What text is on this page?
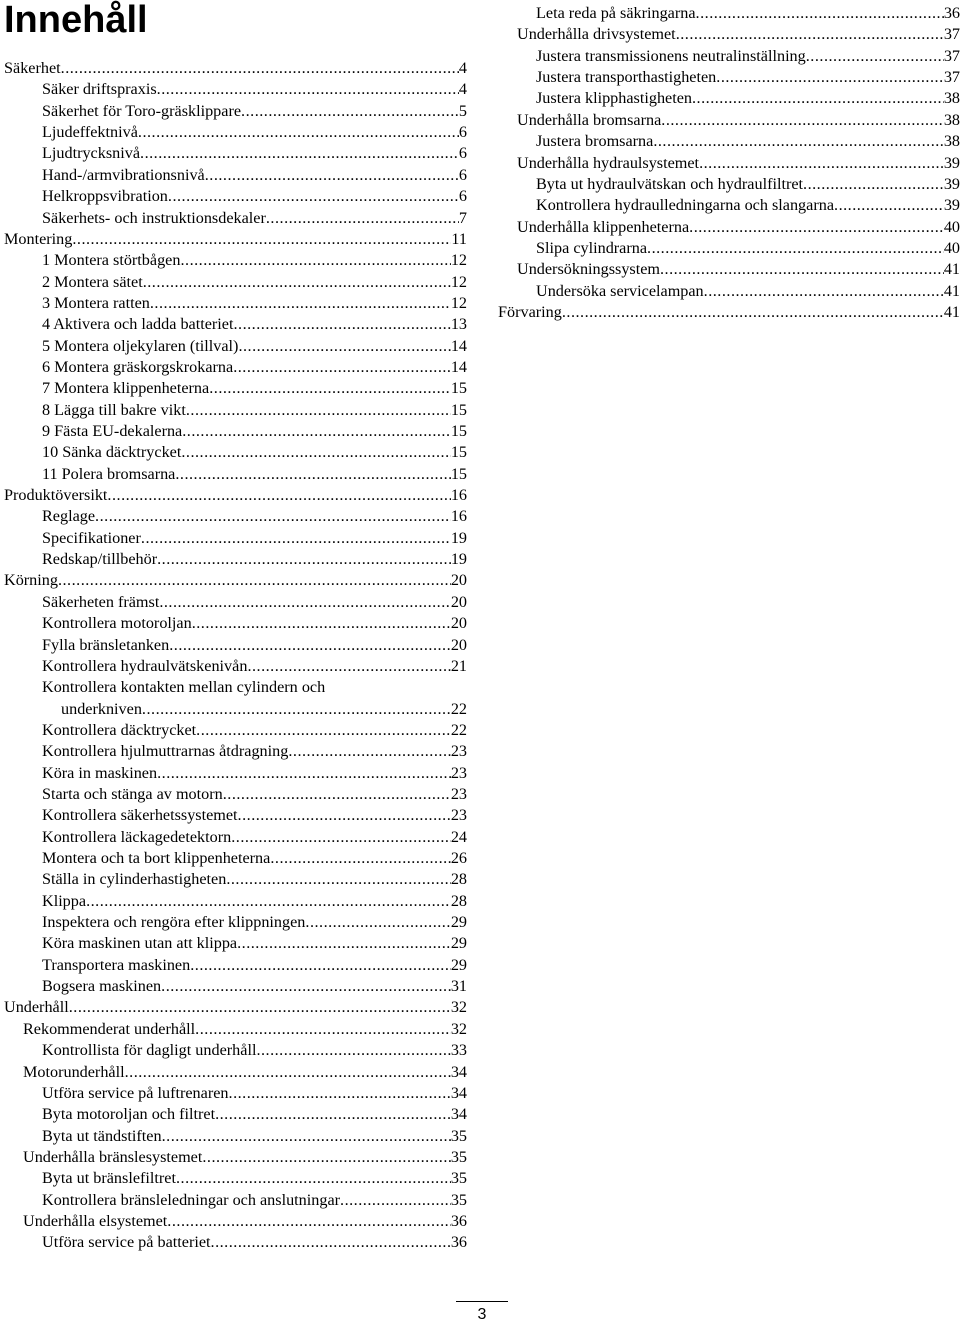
Innehåll
Säkerhet .....	4
Säker driftspraxis .....	4
Säkerhet för Toro-gräsklippare .....	5
Ljudeffektnivå .....	6
Ljudtrycksnivå .....	6
Hand-/armvibrationsnivå .....	6
Helkroppsvibration .....	6
Säkerhets- och instruktionsdekaler .....	7
Montering .....	11
1 Montera störtbågen .....	12
2 Montera sätet .....	12
3 Montera ratten .....	12
4 Aktivera och ladda batteriet .....	13
5 Montera oljekylaren (tillval) .....	14
6 Montera gräskorgskrokarna .....	14
7 Montera klippenheterna .....	15
8 Lägga till bakre vikt .....	15
9 Fästa EU-dekalerna .....	15
10 Sänka däcktrycket .....	15
11 Polera bromsarna .....	15
Produktöversikt .....	16
Reglage .....	16
Specifikationer .....	19
Redskap/tillbehör .....	19
Körning .....	20
Säkerheten främst .....	20
Kontrollera motoroljan .....	20
Fylla bränsletanken .....	20
Kontrollera hydraulvätskenivån .....	21
Kontrollera kontakten mellan cylindern och
underkniven .....	22
Kontrollera däcktrycket .....	22
Kontrollera hjulmuttrarnas åtdragning .....	23
Köra in maskinen .....	23
Starta och stänga av motorn .....	23
Kontrollera säkerhetssystemet .....	23
Kontrollera läckagedetektorn .....	24
Montera och ta bort klippenheterna .....	26
Ställa in cylinderhastigheten .....	28
Klippa .....	28
Inspektera och rengöra efter klippningen .....	29
Köra maskinen utan att klippa .....	29
Transportera maskinen .....	29
Bogsera maskinen .....	31
Underhåll .....	32
Rekommenderat underhåll .....	32
Kontrollista för dagligt underhåll .....	33
Motorunderhåll .....	34
Utföra service på luftrenaren .....	34
Byta motoroljan och filtret .....	34
Byta ut tändstiften .....	35
Underhålla bränslesystemet .....	35
Byta ut bränslefiltret .....	35
Kontrollera bränsleledningar och anslutningar .....	35
Underhålla elsystemet .....	36
Utföra service på batteriet .....	36
Leta reda på säkringarna .....	36
Underhålla drivsystemet .....	37
Justera transmissionens neutralinställning .....	37
Justera transporthastigheten .....	37
Justera klipphastigheten .....	38
Underhålla bromsarna .....	38
Justera bromsarna .....	38
Underhålla hydraulsystemet .....	39
Byta ut hydraulvätskan och hydraulfiltret .....	39
Kontrollera hydraulledningarna och slangarna .....	39
Underhålla klippenheterna .....	40
Slipa cylindrarna .....	40
Undersökningssystem .....	41
Undersöka servicelampan .....	41
Förvaring .....	41
3
